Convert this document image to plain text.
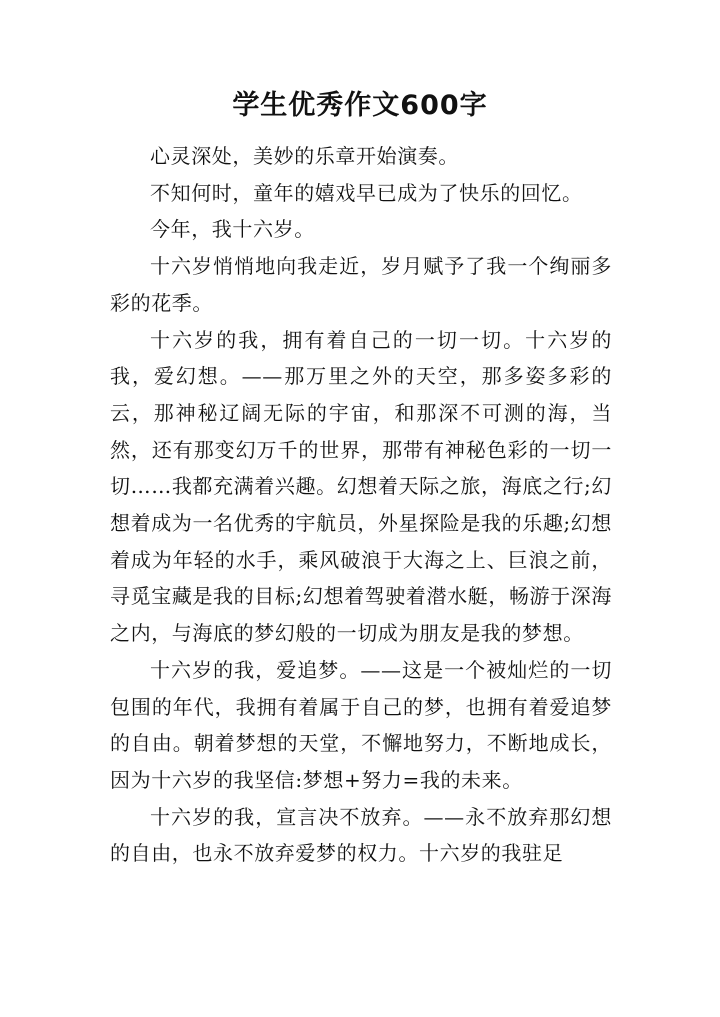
学生优秀作文600字

心灵深处，美妙的乐章开始演奏。

不知何时，童年的嬉戏早已成为了快乐的回忆。

今年，我十六岁。

十六岁悄悄地向我走近，岁月赋予了我一个绚丽多彩的花季。

十六岁的我，拥有着自己的一切一切。十六岁的我，爱幻想。——那万里之外的天空，那多姿多彩的云，那神秘辽阔无际的宇宙，和那深不可测的海，当然，还有那变幻万千的世界，那带有神秘色彩的一切一切……我都充满着兴趣。幻想着天际之旅，海底之行;幻想着成为一名优秀的宇航员，外星探险是我的乐趣;幻想着成为年轻的水手，乘风破浪于大海之上、巨浪之前，寻觅宝藏是我的目标;幻想着驾驶着潜水艇，畅游于深海之内，与海底的梦幻般的一切成为朋友是我的梦想。

十六岁的我，爱追梦。——这是一个被灿烂的一切包围的年代，我拥有着属于自己的梦，也拥有着爱追梦的自由。朝着梦想的天堂，不懈地努力，不断地成长，因为十六岁的我坚信:梦想+努力=我的未来。

十六岁的我，宣言决不放弃。——永不放弃那幻想的自由，也永不放弃爱梦的权力。十六岁的我驻足
